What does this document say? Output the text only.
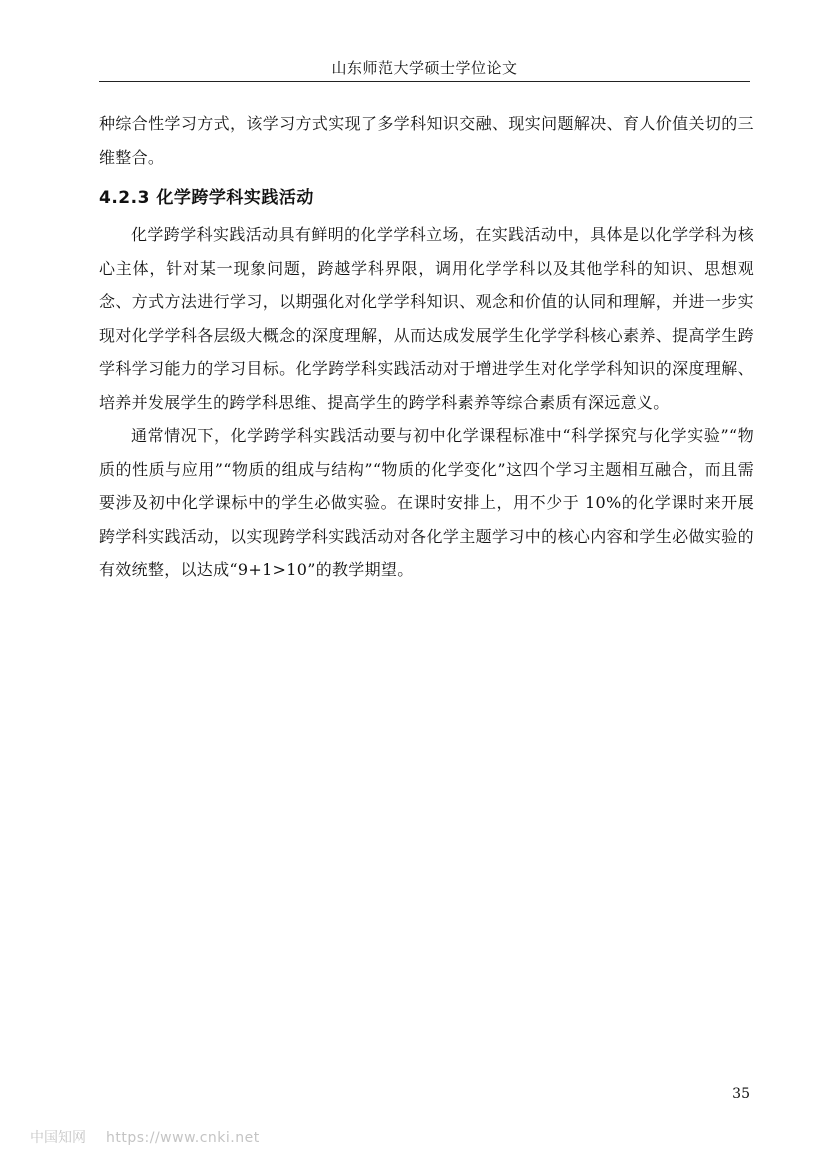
山东师范大学硕士学位论文

种综合性学习方式，该学习方式实现了多学科知识交融、现实问题解决、育人价值关切的三维整合。

4.2.3 化学跨学科实践活动

化学跨学科实践活动具有鲜明的化学学科立场，在实践活动中，具体是以化学学科为核心主体，针对某一现象问题，跨越学科界限，调用化学学科以及其他学科的知识、思想观念、方式方法进行学习，以期强化对化学学科知识、观念和价值的认同和理解，并进一步实现对化学学科各层级大概念的深度理解，从而达成发展学生化学学科核心素养、提高学生跨学科学习能力的学习目标。化学跨学科实践活动对于增进学生对化学学科知识的深度理解、培养并发展学生的跨学科思维、提高学生的跨学科素养等综合素质有深远意义。

通常情况下，化学跨学科实践活动要与初中化学课程标准中“科学探究与化学实验”“物质的性质与应用”“物质的组成与结构”“物质的化学变化”这四个学习主题相互融合，而且需要涉及初中化学课标中的学生必做实验。在课时安排上，用不少于 10%的化学课时来开展跨学科实践活动，以实现跨学科实践活动对各化学主题学习中的核心内容和学生必做实验的有效统整，以达成“9+1>10”的教学期望。

35
中国知网 https://www.cnki.net
